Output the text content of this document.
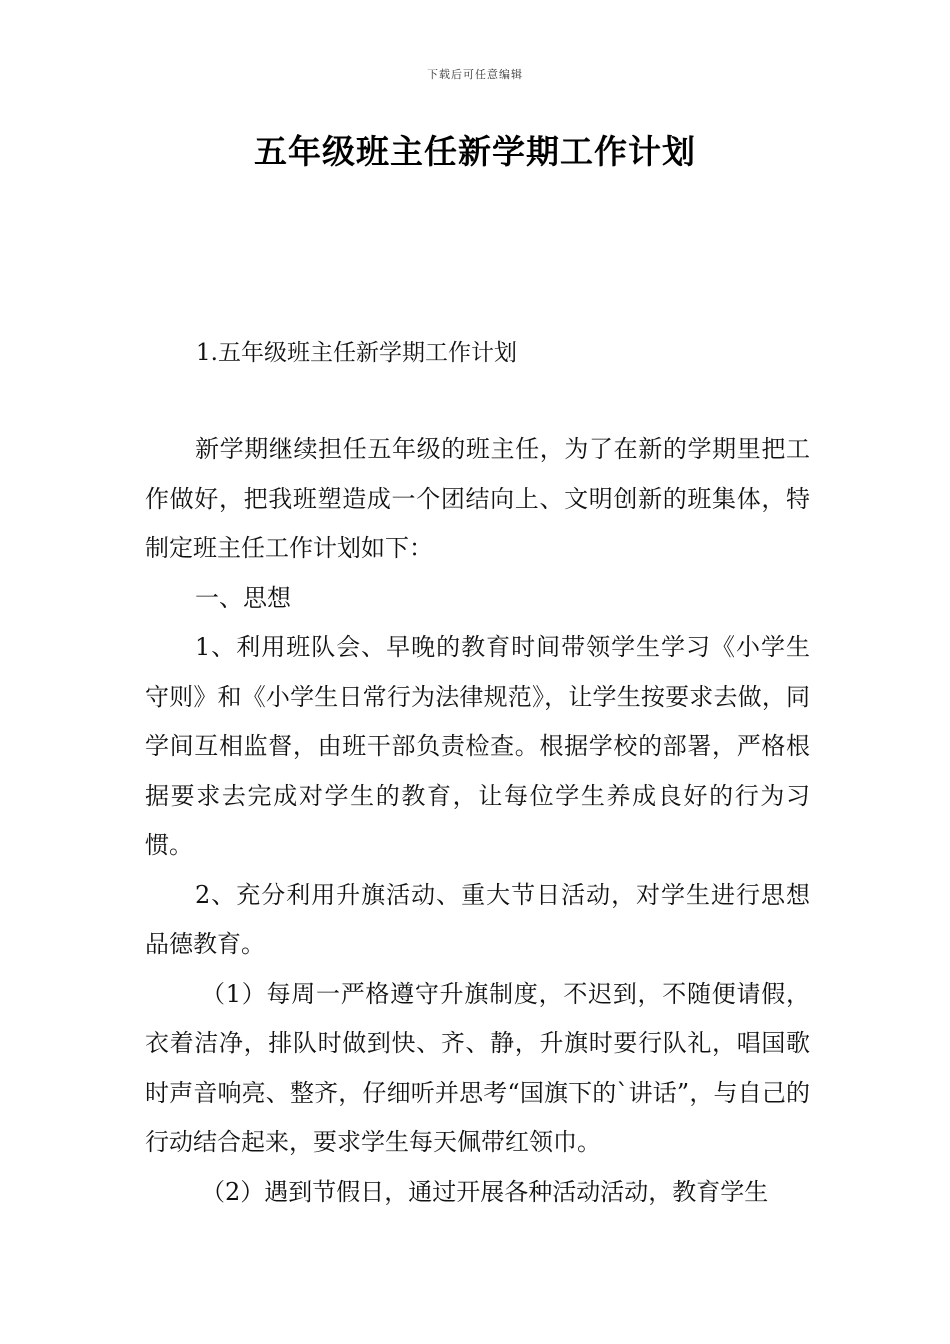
下载后可任意编辑
五年级班主任新学期工作计划
1.五年级班主任新学期工作计划

新学期继续担任五年级的班主任，为了在新的学期里把工作做好，把我班塑造成一个团结向上、文明创新的班集体，特制定班主任工作计划如下：

一、思想

1、利用班队会、早晚的教育时间带领学生学习《小学生守则》和《小学生日常行为法律规范》，让学生按要求去做，同学间互相监督，由班干部负责检查。根据学校的部署，严格根据要求去完成对学生的教育，让每位学生养成良好的行为习惯。

2、充分利用升旗活动、重大节日活动，对学生进行思想品德教育。

（1）每周一严格遵守升旗制度，不迟到，不随便请假，衣着洁净，排队时做到快、齐、静，升旗时要行队礼，唱国歌时声音响亮、整齐，仔细听并思考“国旗下的`讲话”，与自己的行动结合起来，要求学生每天佩带红领巾。

（2）遇到节假日，通过开展各种活动活动，教育学生
